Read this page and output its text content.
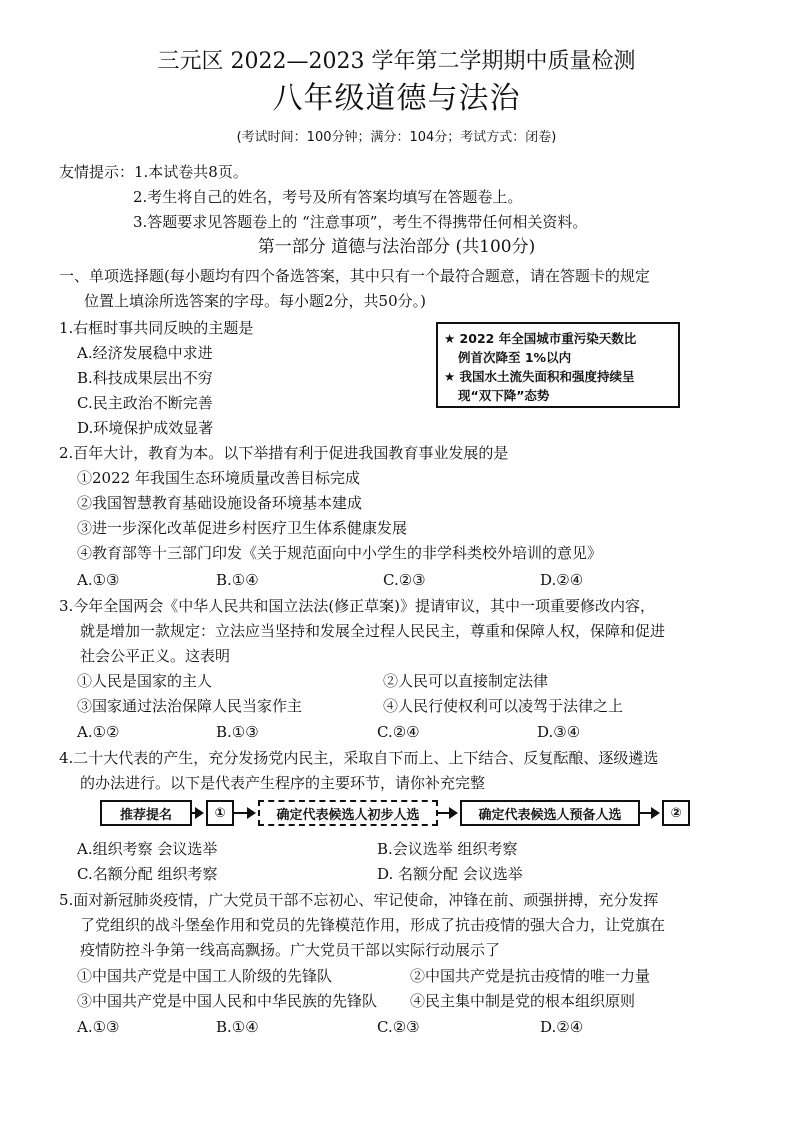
三元区 2022—2023 学年第二学期期中质量检测
八年级道德与法治
(考试时间：100分钟；满分：104分；考试方式：闭卷)
友情提示：1.本试卷共8页。
2.考生将自己的姓名，考号及所有答案均填写在答题卷上。
3.答题要求见答题卷上的 “注意事项”，考生不得携带任何相关资料。
第一部分 道德与法治部分 (共100分)
一、单项选择题(每小题均有四个备选答案，其中只有一个最符合题意，请在答题卡的规定
位置上填涂所选答案的字母。每小题2分，共50分。)
1.右框时事共同反映的主题是
A.经济发展稳中求进
B.科技成果层出不穷
C.民主政治不断完善
D.环境保护成效显著
★ 2022 年全国城市重污染天数比
例首次降至 1%以内
★ 我国水土流失面积和强度持续呈
现“双下降”态势
2.百年大计，教育为本。以下举措有利于促进我国教育事业发展的是
①2022 年我国生态环境质量改善目标完成
②我国智慧教育基础设施设备环境基本建成
③进一步深化改革促进乡村医疗卫生体系健康发展
④教育部等十三部门印发《关于规范面向中小学生的非学科类校外培训的意见》
A.①③	B.①④	C.②③	D.②④
3.今年全国两会《中华人民共和国立法法(修正草案)》提请审议，其中一项重要修改内容，
就是增加一款规定：立法应当坚持和发展全过程人民民主，尊重和保障人权，保障和促进
社会公平正义。这表明
①人民是国家的主人	②人民可以直接制定法律
③国家通过法治保障人民当家作主	④人民行使权利可以凌驾于法律之上
A.①②	B.①③	C.②④	D.③④
4.二十大代表的产生，充分发扬党内民主，采取自下而上、上下结合、反复酝酿、逐级遴选
的办法进行。以下是代表产生程序的主要环节，请你补充完整
推荐提名	①	确定代表候选人初步人选	确定代表候选人预备人选	②
A.组织考察 会议选举	B.会议选举 组织考察
C.名额分配 组织考察	D. 名额分配 会议选举
5.面对新冠肺炎疫情，广大党员干部不忘初心、牢记使命，冲锋在前、顽强拼搏，充分发挥
了党组织的战斗堡垒作用和党员的先锋模范作用，形成了抗击疫情的强大合力，让党旗在
疫情防控斗争第一线高高飘扬。广大党员干部以实际行动展示了
①中国共产党是中国工人阶级的先锋队	②中国共产党是抗击疫情的唯一力量
③中国共产党是中国人民和中华民族的先锋队 ④民主集中制是党的根本组织原则
A.①③	B.①④	C.②③	D.②④
